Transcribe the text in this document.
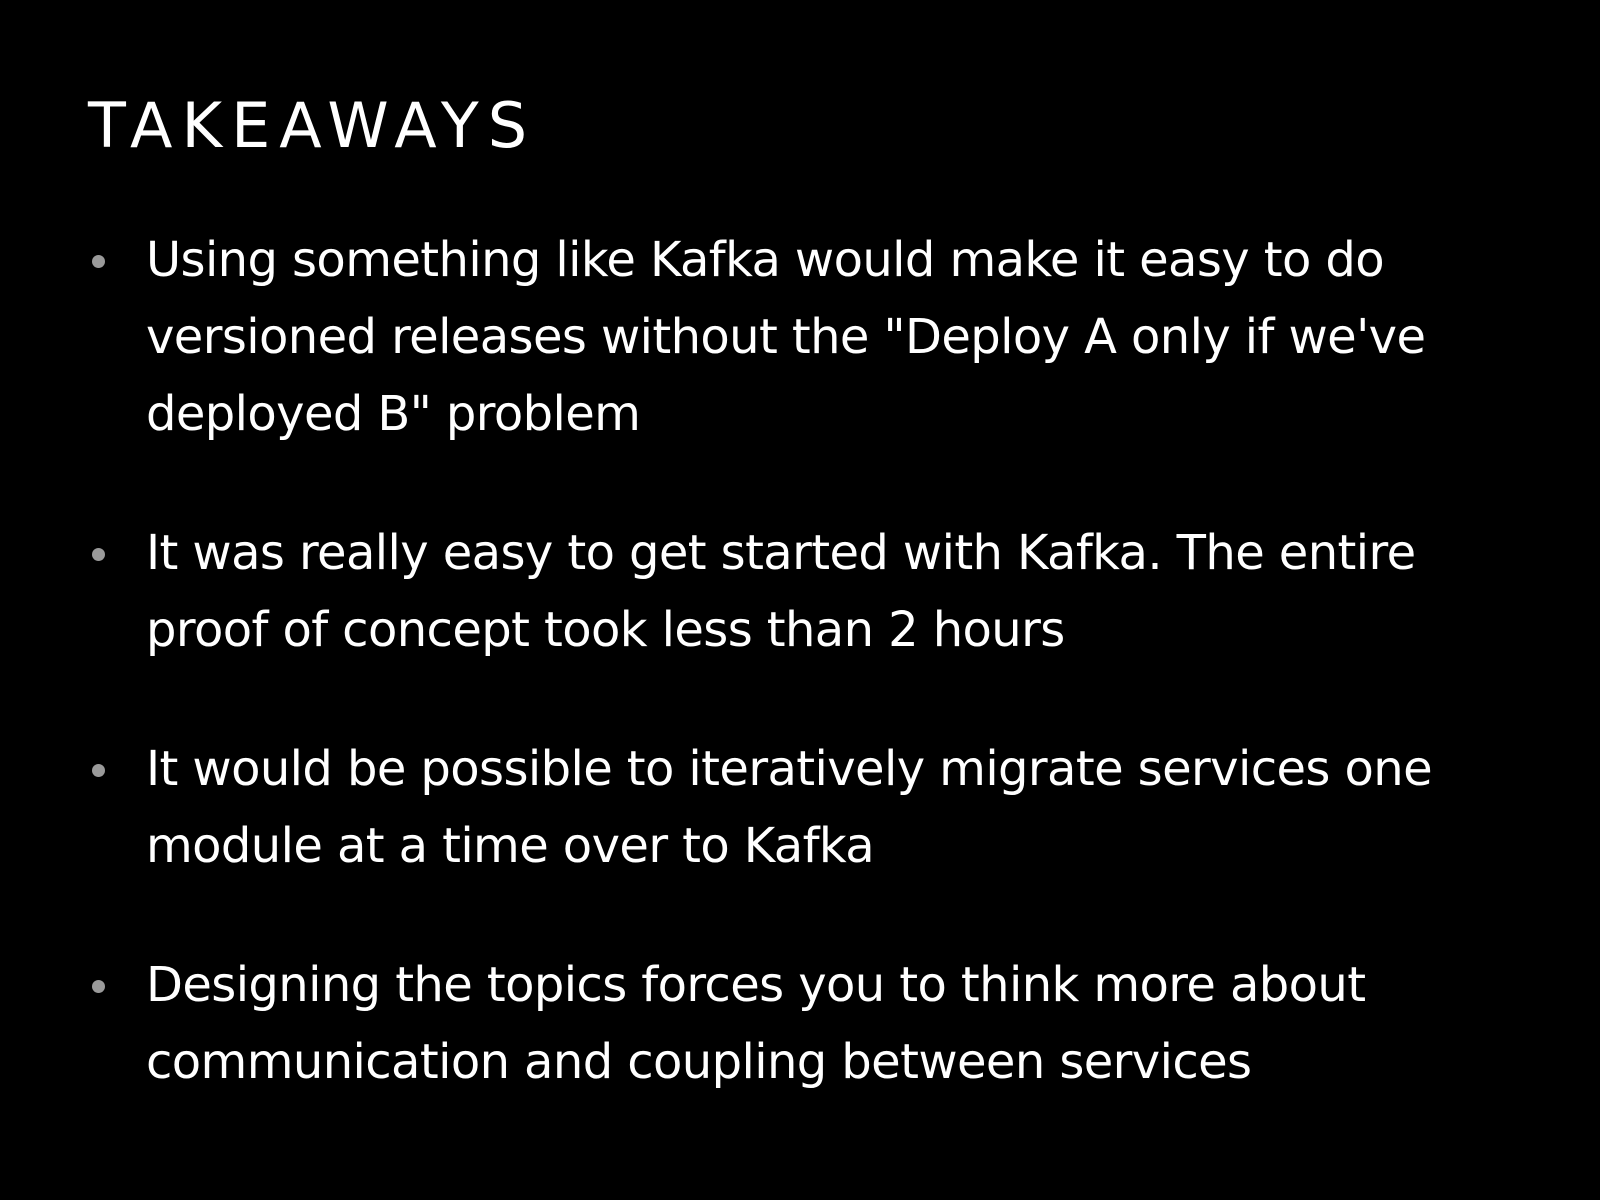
TAKEAWAYS
Using something like Kafka would make it easy to do versioned releases without the "Deploy A only if we've deployed B" problem
It was really easy to get started with Kafka. The entire proof of concept took less than 2 hours
It would be possible to iteratively migrate services one module at a time over to Kafka
Designing the topics forces you to think more about communication and coupling between services
